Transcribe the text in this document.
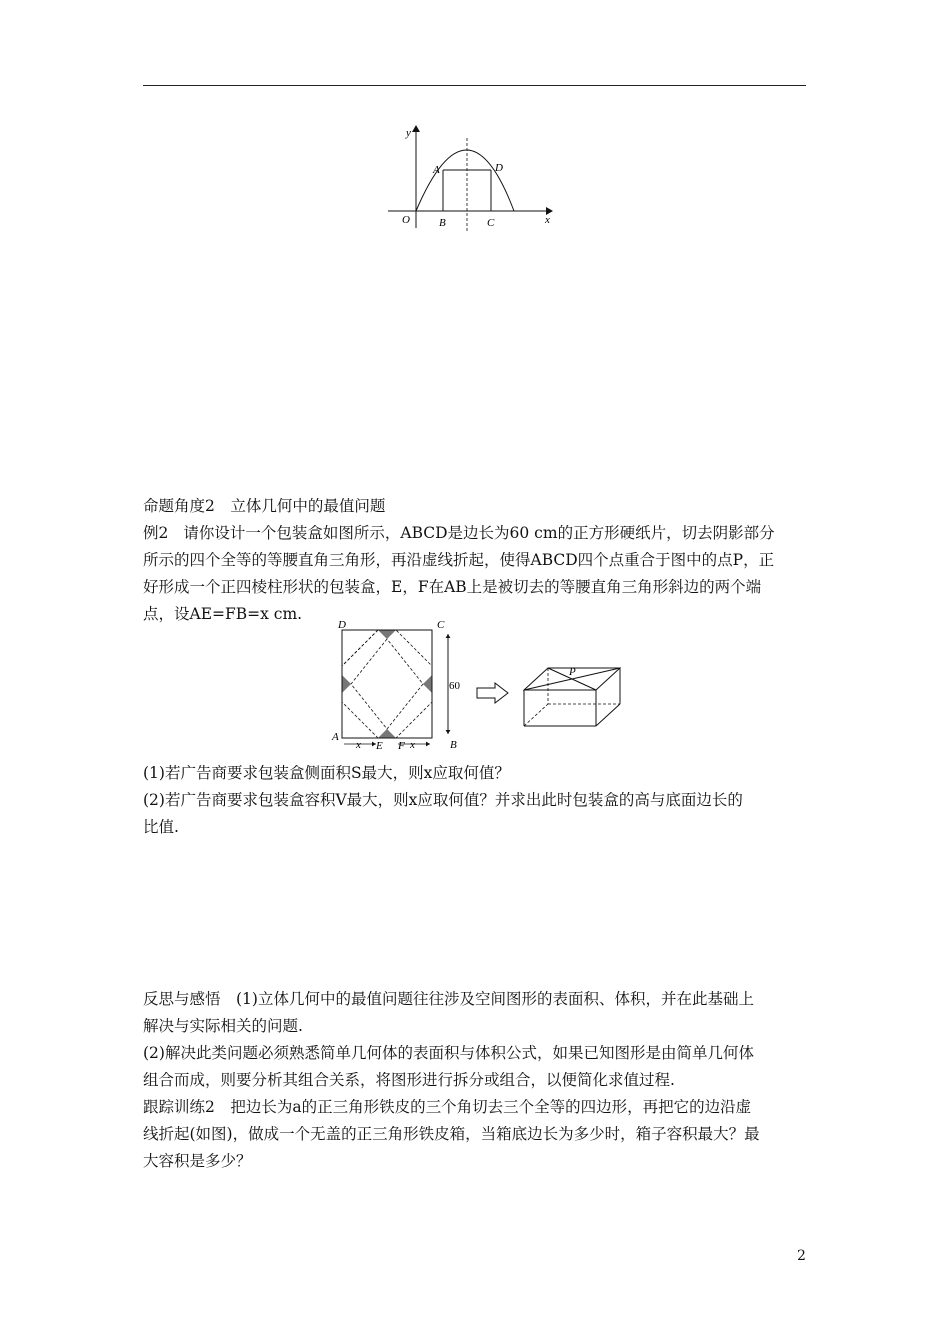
y
x
O
A	D
B	C

命题角度2　立体几何中的最值问题

例2 请你设计一个包装盒如图所示，ABCD是边长为60 cm的正方形硬纸片，切去阴影部分

所示的四个全等的等腰直角三角形，再沿虚线折起，使得ABCD四个点重合于图中的点P，正

好形成一个正四棱柱形状的包装盒，E，F在AB上是被切去的等腰直角三角形斜边的两个端

点，设AE=FB=x cm.

60
x	x
D	C
A
B
E F
P

(1)若广告商要求包装盒侧面积S最大，则x应取何值？

(2)若广告商要求包装盒容积V最大，则x应取何值？并求出此时包装盒的高与底面边长的

比值.

反思与感悟　(1)立体几何中的最值问题往往涉及空间图形的表面积、体积，并在此基础上

解决与实际相关的问题.

(2)解决此类问题必须熟悉简单几何体的表面积与体积公式，如果已知图形是由简单几何体

组合而成，则要分析其组合关系，将图形进行拆分或组合，以便简化求值过程.

跟踪训练2　把边长为a的正三角形铁皮的三个角切去三个全等的四边形，再把它的边沿虚

线折起(如图)，做成一个无盖的正三角形铁皮箱，当箱底边长为多少时，箱子容积最大？最

大容积是多少？

2
